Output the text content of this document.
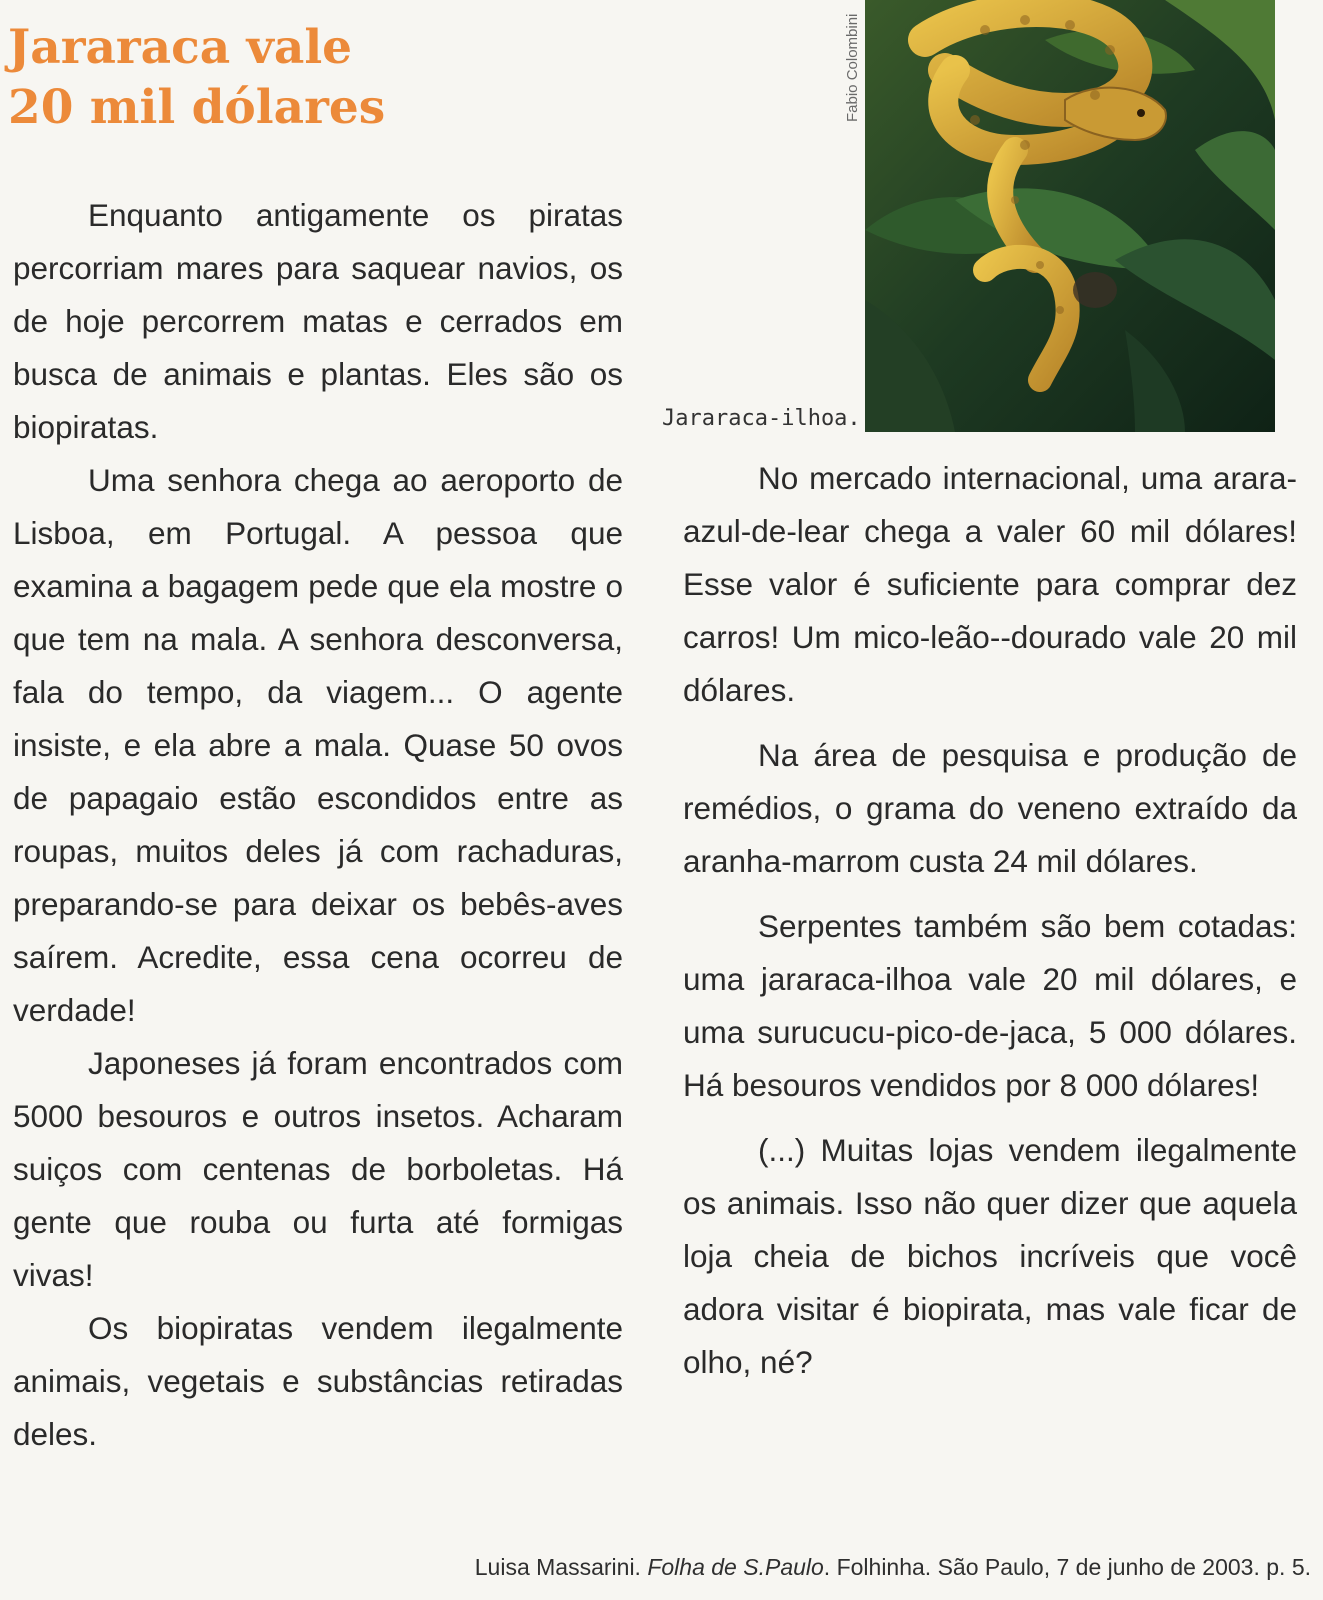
Jararaca vale
20 mil dólares

Enquanto antigamente os piratas percorriam mares para saquear navios, os de hoje percorrem matas e cerrados em busca de animais e plantas. Eles são os biopiratas.

Uma senhora chega ao aeroporto de Lisboa, em Portugal. A pessoa que examina a bagagem pede que ela mostre o que tem na mala. A senhora desconversa, fala do tempo, da viagem... O agente insiste, e ela abre a mala. Quase 50 ovos de papagaio estão escondidos entre as roupas, muitos deles já com rachaduras, preparando-se para deixar os bebês-aves saírem. Acredite, essa cena ocorreu de verdade!

Japoneses já foram encontrados com 5000 besouros e outros insetos. Acharam suiços com centenas de borboletas. Há gente que rouba ou furta até formigas vivas!

Os biopiratas vendem ilegalmente animais, vegetais e substâncias retiradas deles.

Fabio Colombini
Jararaca-ilhoa.

No mercado internacional, uma arara-azul-de-lear chega a valer 60 mil dólares! Esse valor é suficiente para comprar dez carros! Um mico-leão--dourado vale 20 mil dólares.

Na área de pesquisa e produção de remédios, o grama do veneno extraído da aranha-marrom custa 24 mil dólares.

Serpentes também são bem cotadas: uma jararaca-ilhoa vale 20 mil dólares, e uma surucucu-pico-de-jaca, 5 000 dólares. Há besouros vendidos por 8 000 dólares!

(...) Muitas lojas vendem ilegalmente os animais. Isso não quer dizer que aquela loja cheia de bichos incríveis que você adora visitar é biopirata, mas vale ficar de olho, né?

Luisa Massarini. Folha de S.Paulo. Folhinha. São Paulo, 7 de junho de 2003. p. 5.
